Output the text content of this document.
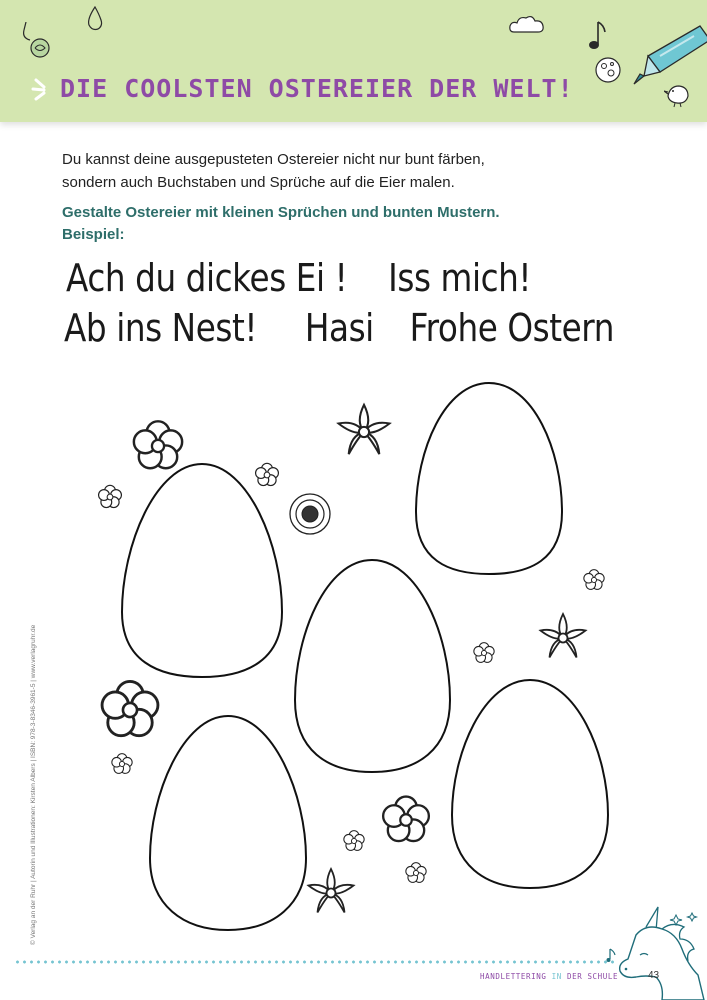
DIE COOLSTEN OSTEREIER DER WELT!
Du kannst deine ausgepusteten Ostereier nicht nur bunt färben,
sondern auch Buchstaben und Sprüche auf die Eier malen.
Gestalte Ostereier mit kleinen Sprüchen und bunten Mustern.
Beispiel:
Ach du dickes Ei ! Iss mich!
Ab ins Nest! Hasi Frohe Ostern
© Verlag an der Ruhr | Autorin und Illustrationen: Kirsten Albers | ISBN: 978-3-8346-3961-5 | www.verlagruhr.de
HANDLETTERING IN DER SCHULE	43
